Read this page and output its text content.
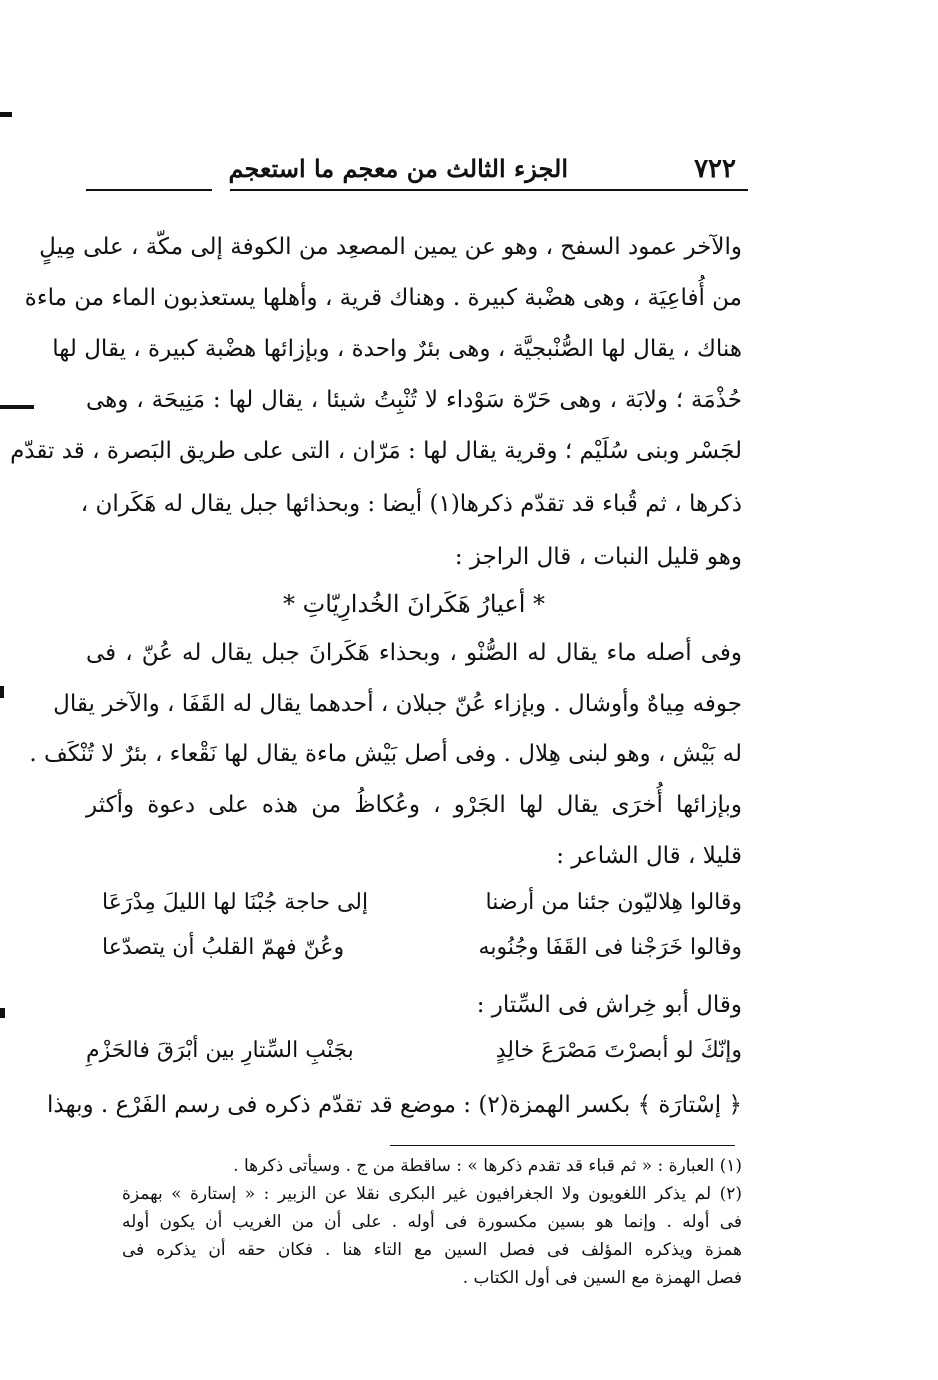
٧٢٢
الجزء الثالث من معجم ما استعجم
والآخر عمود السفح ، وهو عن يمين المصعِد من الكوفة إلى مكّة ، على مِيلٍ
من أُفاعِيَة ، وهى هضْبة كبيرة . وهناك قرية ، وأهلها يستعذبون الماء من ماءة
هناك ، يقال لها الصُّنْبجيَّة ، وهى بئرٌ واحدة ، وبإزائها هضْبة كبيرة ، يقال لها
حُذْمَة ؛ ولابَة ، وهى حَرّة سَوْداء لا تُنْبِتُ شيئا ، يقال لها : مَنِيحَة ، وهى
لجَسْر وبنى سُلَيْم ؛ وقرية يقال لها : مَرّان ، التى على طريق البَصرة ، قد تقدّم
ذكرها ، ثم قُباء قد تقدّم ذكرها(١) أيضا : وبحذائها جبل يقال له هَكَران ،
وهو قليل النبات ، قال الراجز :
* أعيارُ هَكَرانَ الخُدارِيّاتِ *
وفى أصله ماء يقال له الصُّنْو ، وبحذاء هَكَرانَ جبل يقال له عُنّ ، فى
جوفه مِياهٌ وأوشال . وبإزاء عُنّ جبلان ، أحدهما يقال له القَفَا ، والآخر يقال
له بَيْش ، وهو لبنى هِلال . وفى أصل بَيْش ماءة يقال لها نَقْعاء ، بئرٌ لا تُنْكَف .
وبإزائها أُخرَى يقال لها الجَرْو ، وعُكاظُ من هذه على دعوة وأكثر
قليلا ، قال الشاعر :
وقالوا هِلاليّون جئنا من أرضنا
إلى حاجة جُبْنَا لها الليلَ مِدْرَعَا
وقالوا خَرَجْنا فى القَفَا وجُنُوبه
وعُنّ فهمّ القلبُ أن يتصدّعا
وقال أبو خِراش فى السِّتار :
وإنّكَ لو أبصرْتَ مَصْرَعَ خالِدٍ
بجَنْبِ السِّتارِ بين أبْرَقَ فالحَزْمِ
﴿ إسْتارَة ﴾ بكسر الهمزة(٢) : موضع قد تقدّم ذكره فى رسم الفَرْع . وبهذا
(١) العبارة : « ثم قباء قد تقدم ذكرها » : ساقطة من ج . وسيأتى ذكرها .
(٢) لم يذكر اللغويون ولا الجغرافيون غير البكرى نقلا عن الزبير : « إستارة » بهمزة
فى أوله . وإنما هو بسين مكسورة فى أوله . على أن من الغريب أن يكون أوله
همزة ويذكره المؤلف فى فصل السين مع التاء هنا . فكان حقه أن يذكره فى
فصل الهمزة مع السين فى أول الكتاب .
